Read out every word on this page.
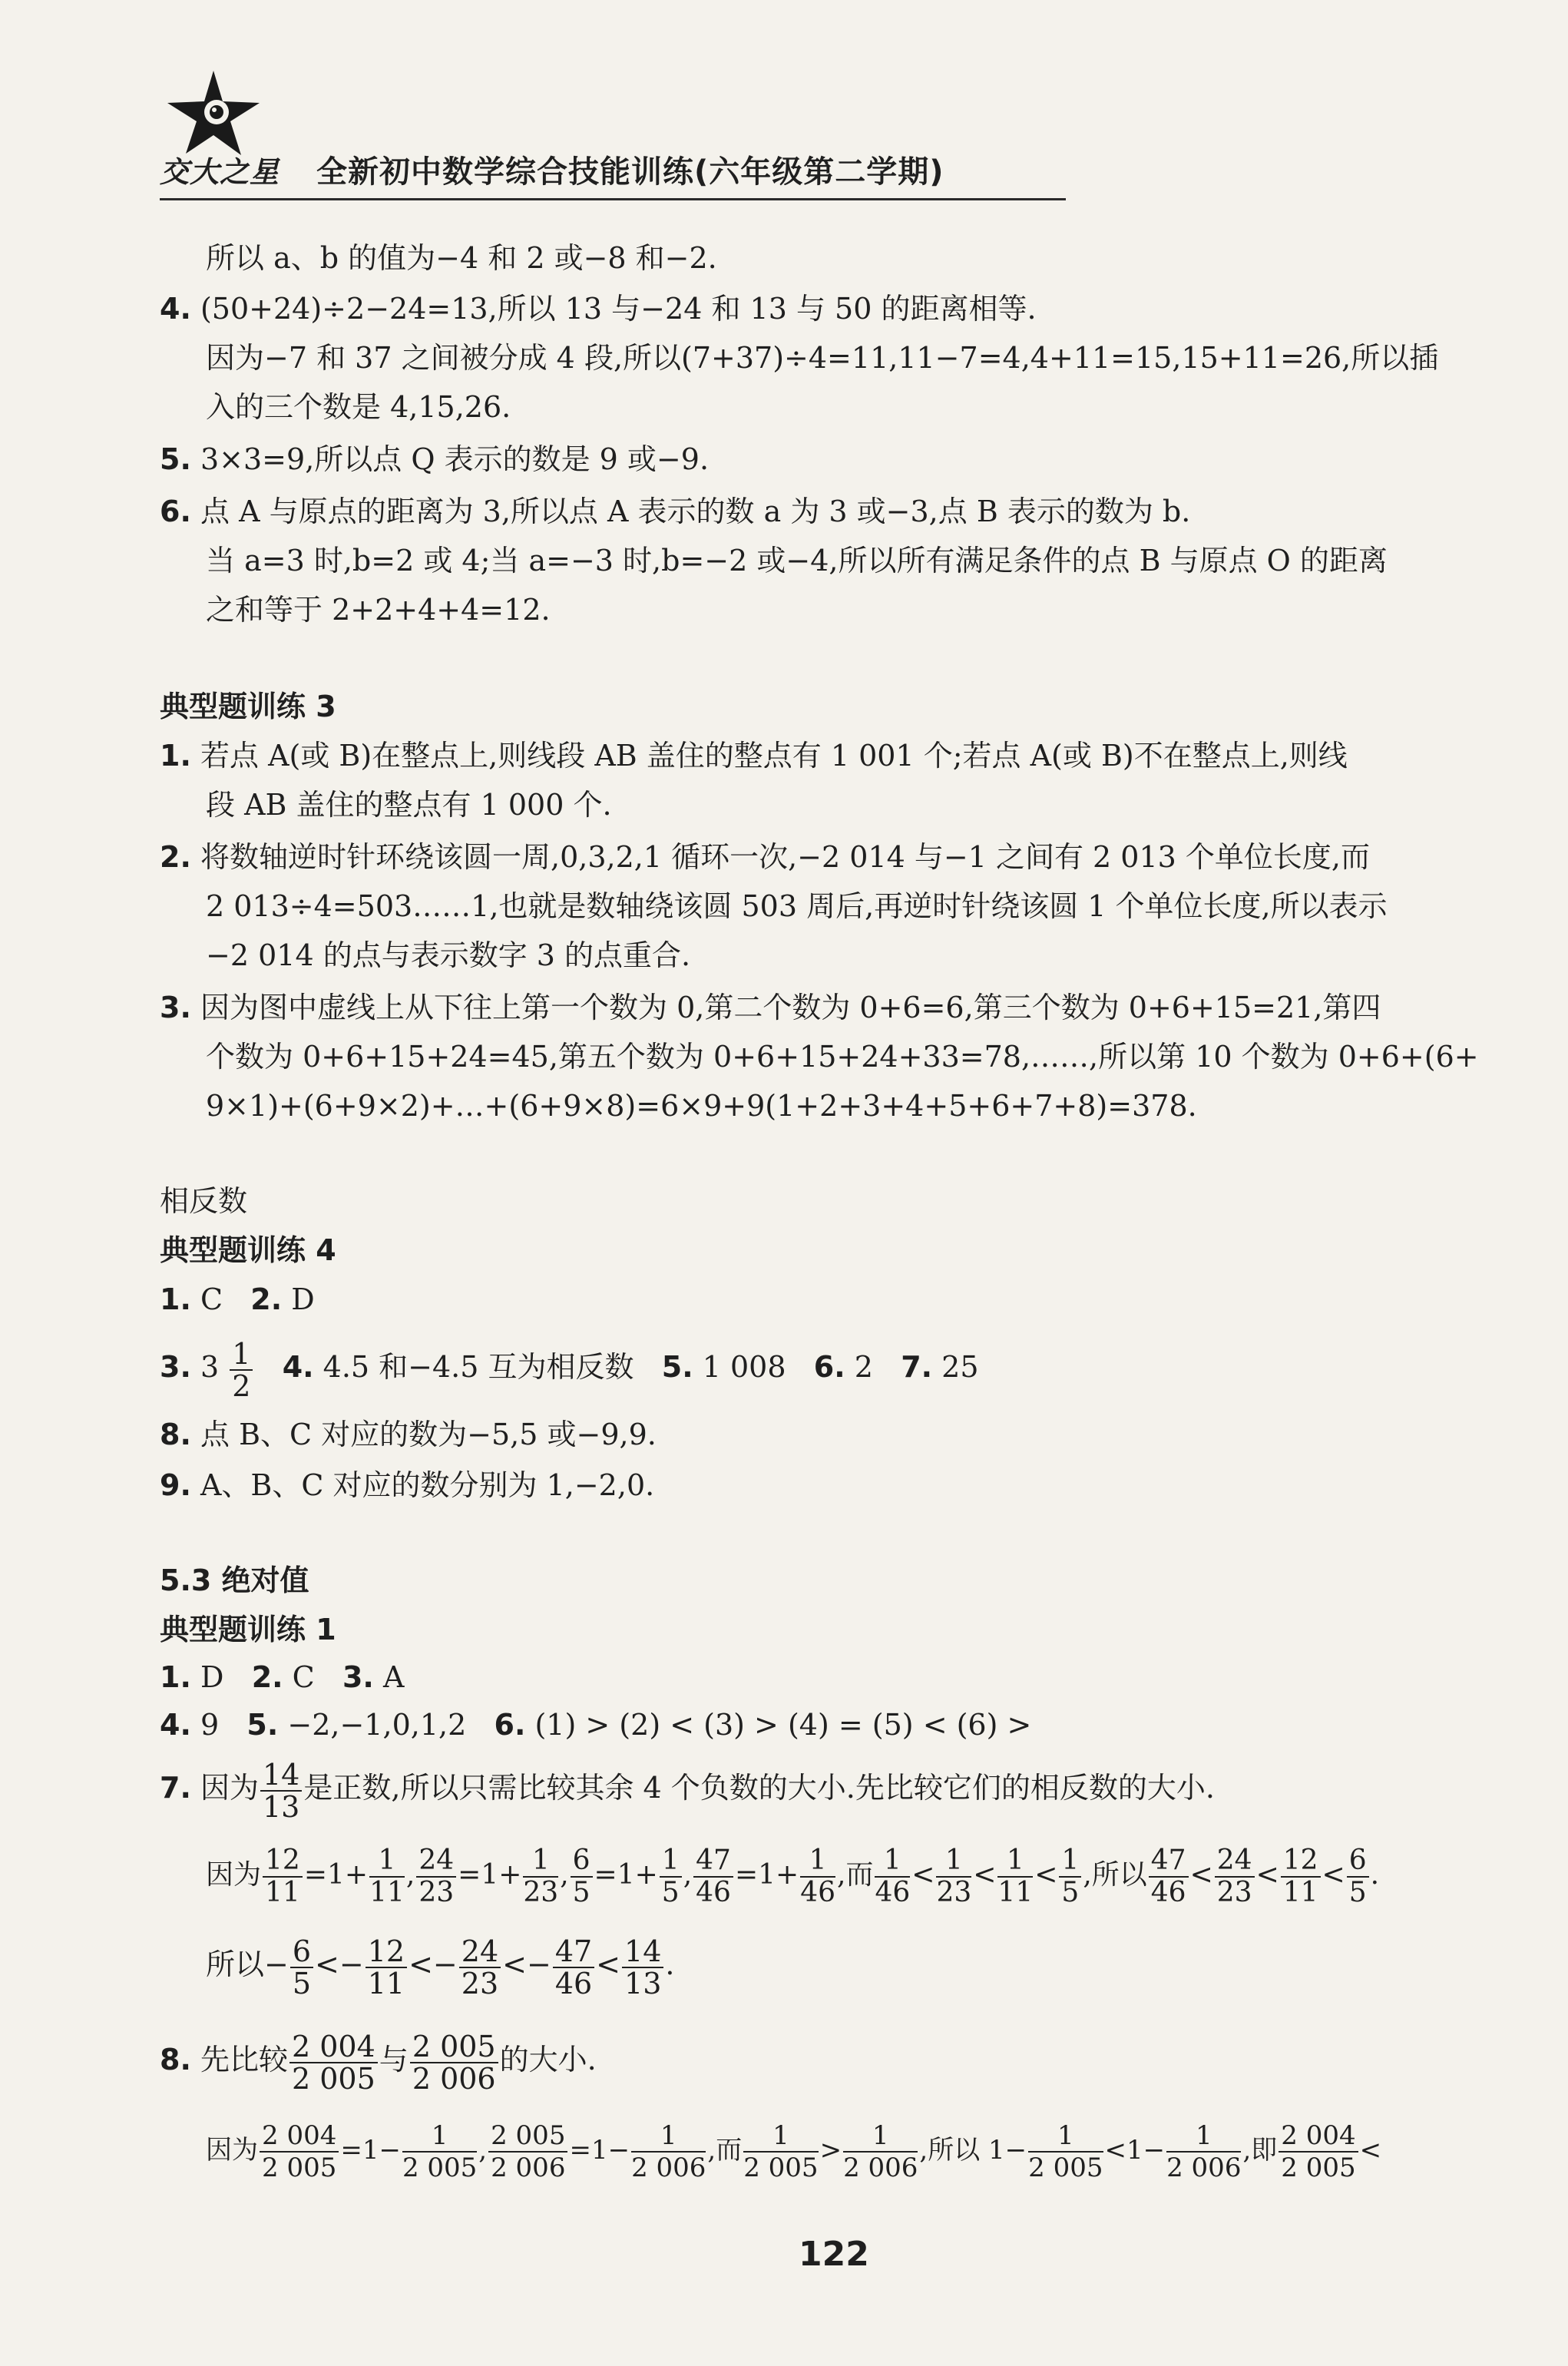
交大之星 全新初中数学综合技能训练(六年级第二学期)
所以 a、b 的值为−4 和 2 或−8 和−2.
4. (50+24)÷2−24=13,所以 13 与−24 和 13 与 50 的距离相等.
因为−7 和 37 之间被分成 4 段,所以(7+37)÷4=11,11−7=4,4+11=15,15+11=26,所以插
入的三个数是 4,15,26.
5. 3×3=9,所以点 Q 表示的数是 9 或−9.
6. 点 A 与原点的距离为 3,所以点 A 表示的数 a 为 3 或−3,点 B 表示的数为 b.
当 a=3 时,b=2 或 4;当 a=−3 时,b=−2 或−4,所以所有满足条件的点 B 与原点 O 的距离
之和等于 2+2+4+4=12.
典型题训练 3
1. 若点 A(或 B)在整点上,则线段 AB 盖住的整点有 1 001 个;若点 A(或 B)不在整点上,则线
段 AB 盖住的整点有 1 000 个.
2. 将数轴逆时针环绕该圆一周,0,3,2,1 循环一次,−2 014 与−1 之间有 2 013 个单位长度,而
2 013÷4=503……1,也就是数轴绕该圆 503 周后,再逆时针绕该圆 1 个单位长度,所以表示
−2 014 的点与表示数字 3 的点重合.
3. 因为图中虚线上从下往上第一个数为 0,第二个数为 0+6=6,第三个数为 0+6+15=21,第四
个数为 0+6+15+24=45,第五个数为 0+6+15+24+33=78,……,所以第 10 个数为 0+6+(6+
9×1)+(6+9×2)+…+(6+9×8)=6×9+9(1+2+3+4+5+6+7+8)=378.
相反数
典型题训练 4
1. C 2. D
3. $3 \frac{1}{2} 4$. 4.5 和−4.5 互为相反数 5. 1 008 6. 2 7. 25
8. 点 B、C 对应的数为−5,5 或−9,9.
9. A、B、C 对应的数分别为 1,−2,0.
5.3 绝对值
典型题训练 1
1. D 2. C 3. A
4. 9 5. −2,−1,0,1,2 6. (1) > (2) < (3) > (4) = (5) < (6) >
7. 因为 $\frac{14}{13}$ 是正数,所以只需比较其余 4 个负数的大小.先比较它们的相反数的大小.
因为 $\frac{12}{11} =1+ \frac{1}{11}$ , $\frac{24}{23} =1+ \frac{1}{23}$ , $\frac{6}{5} =1+ \frac{1}{5}$ , $\frac{47}{46} =1+ \frac{1}{46}$ ,而 $\frac{1}{46} < \frac{1}{23} < \frac{1}{11} < \frac{1}{5}$ ,所以 $\frac{47}{46} < \frac{24}{23} < \frac{12}{11} < \frac{6}{5}$ .
所以− $\frac{6}{5} <- \frac{12}{11} <- \frac{24}{23} <- \frac{47}{46} < \frac{14}{13}$ .
8. 先比较 $\frac{2 004}{2 005}$ 与 $\frac{2 005}{2 006}$ 的大小.
因为 $\frac{2 004}{2 005} =1- \frac{1}{2 005}$ , $\frac{2 005}{2 006} =1- \frac{1}{2 006}$ ,而 $\frac{1}{2 005} > \frac{1}{2 006}$ ,所以 $1- \frac{1}{2 005} <1- \frac{1}{2 006}$ ,即 $\frac{2 004}{2 005}$ <
122
